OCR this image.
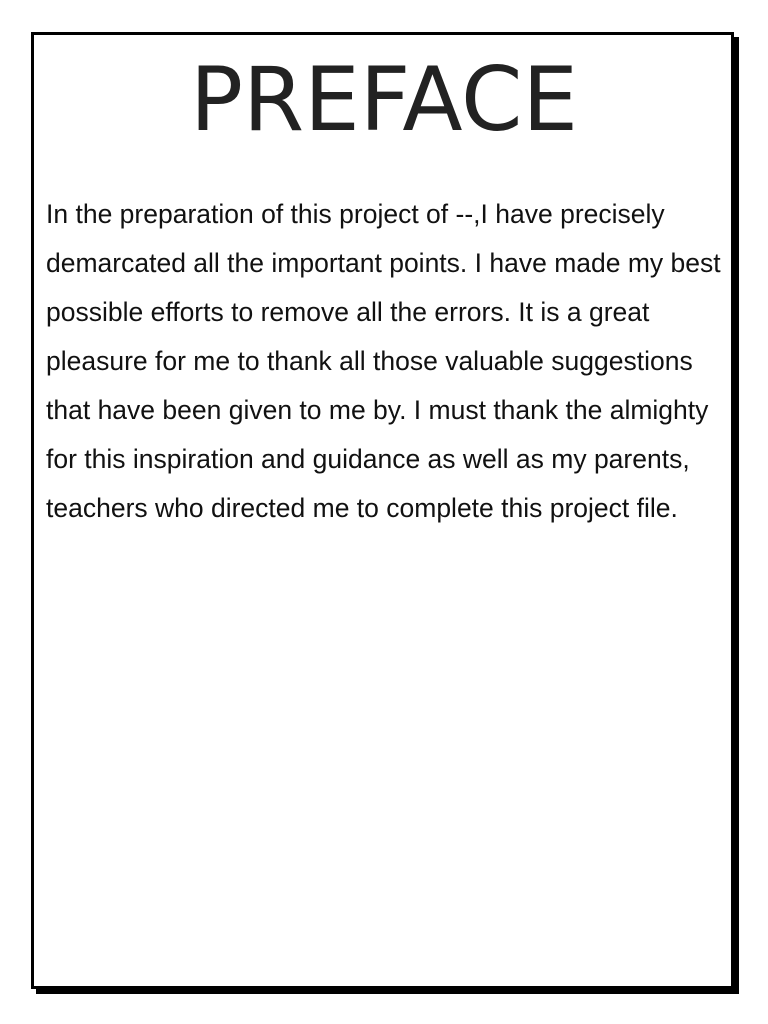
PREFACE

In the preparation of this project of --,I have precisely demarcated all the important points. I have made my best possible efforts to remove all the errors. It is a great pleasure for me to thank all those valuable suggestions that have been given to me by. I must thank the almighty for this inspiration and guidance as well as my parents, teachers who directed me to complete this project file.
